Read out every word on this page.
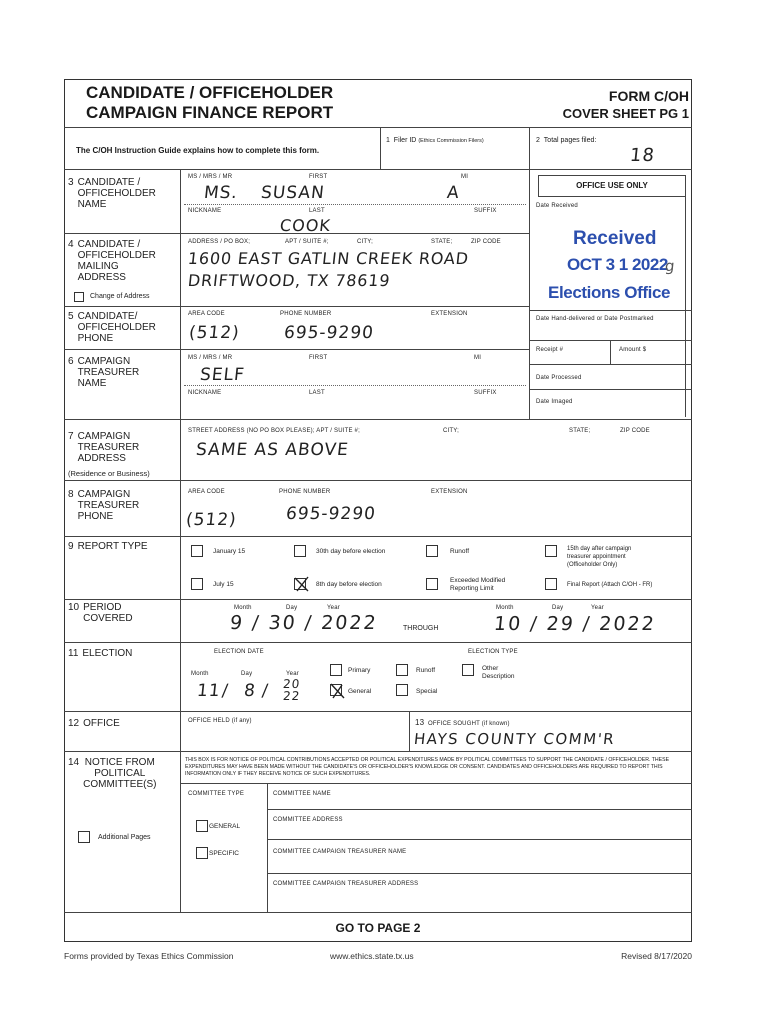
CANDIDATE / OFFICEHOLDER
CAMPAIGN FINANCE REPORT
FORM C/OH
COVER SHEET PG 1
The C/OH Instruction Guide explains how to complete this form.
1 Filer ID (Ethics Commission Filers)	2 Total pages filed:
18
3 CANDIDATE /
OFFICEHOLDER
NAME
MS / MRS / MR	FIRST	MI
MS. SUSAN	A
NICKNAME	LAST	SUFFIX
COOK
OFFICE USE ONLY
Date Received
Received
OCT 3 1 2022
g
Elections Office
Date Hand-delivered or Date Postmarked
Receipt #	Amount $
Date Processed
Date Imaged
4 CANDIDATE /
OFFICEHOLDER
MAILING
ADDRESS
Change of Address
ADDRESS / PO BOX;	APT / SUITE #;	CITY;	STATE;	ZIP CODE
1600 EAST GATLIN CREEK ROAD
DRIFTWOOD, TX 78619
5 CANDIDATE/
OFFICEHOLDER
PHONE
AREA CODE	PHONE NUMBER	EXTENSION
(512) 695-9290
6 CAMPAIGN
TREASURER
NAME
MS / MRS / MR	FIRST	MI
SELF
NICKNAME	LAST	SUFFIX
7 CAMPAIGN
TREASURER
ADDRESS
(Residence or Business)
STREET ADDRESS (NO PO BOX PLEASE); APT / SUITE #;	CITY;	STATE;	ZIP CODE
SAME AS ABOVE
8 CAMPAIGN
TREASURER
PHONE
AREA CODE	PHONE NUMBER	EXTENSION
(512)	695-9290
9 REPORT TYPE	January 15	30th day before election	Runoff	15th day after campaign
treasurer appointment
(Officeholder Only)
July 15	8th day before election
Exceeded Modified
Reporting Limit	Final Report (Attach C/OH - FR)
10 PERIOD
COVERED
Month	Day	Year
9 / 30 / 2022	THROUGH
Month	Day	Year
10 / 29 / 2022
11 ELECTION	ELECTION DATE	ELECTION TYPE
Month	Day	Year
11 / 8 / 20
22
Primary	Runoff	Other
Description
General	Special
12 OFFICE	OFFICE HELD (if any)	13 OFFICE SOUGHT (if known)
HAYS COUNTY COMM'R
14 NOTICE FROM
POLITICAL
COMMITTEE(S)
Additional Pages
THIS BOX IS FOR NOTICE OF POLITICAL CONTRIBUTIONS ACCEPTED OR POLITICAL EXPENDITURES MADE BY POLITICAL COMMITTEES TO SUPPORT THE CANDIDATE / OFFICEHOLDER. THESE EXPENDITURES MAY HAVE BEEN MADE WITHOUT THE CANDIDATE'S OR OFFICEHOLDER'S KNOWLEDGE OR CONSENT. CANDIDATES AND OFFICEHOLDERS ARE REQUIRED TO REPORT THIS INFORMATION ONLY IF THEY RECEIVE NOTICE OF SUCH EXPENDITURES.
COMMITTEE TYPE	COMMITTEE NAME
GENERAL
COMMITTEE ADDRESS
SPECIFIC	COMMITTEE CAMPAIGN TREASURER NAME
COMMITTEE CAMPAIGN TREASURER ADDRESS
GO TO PAGE 2
Forms provided by Texas Ethics Commission	www.ethics.state.tx.us	Revised 8/17/2020
